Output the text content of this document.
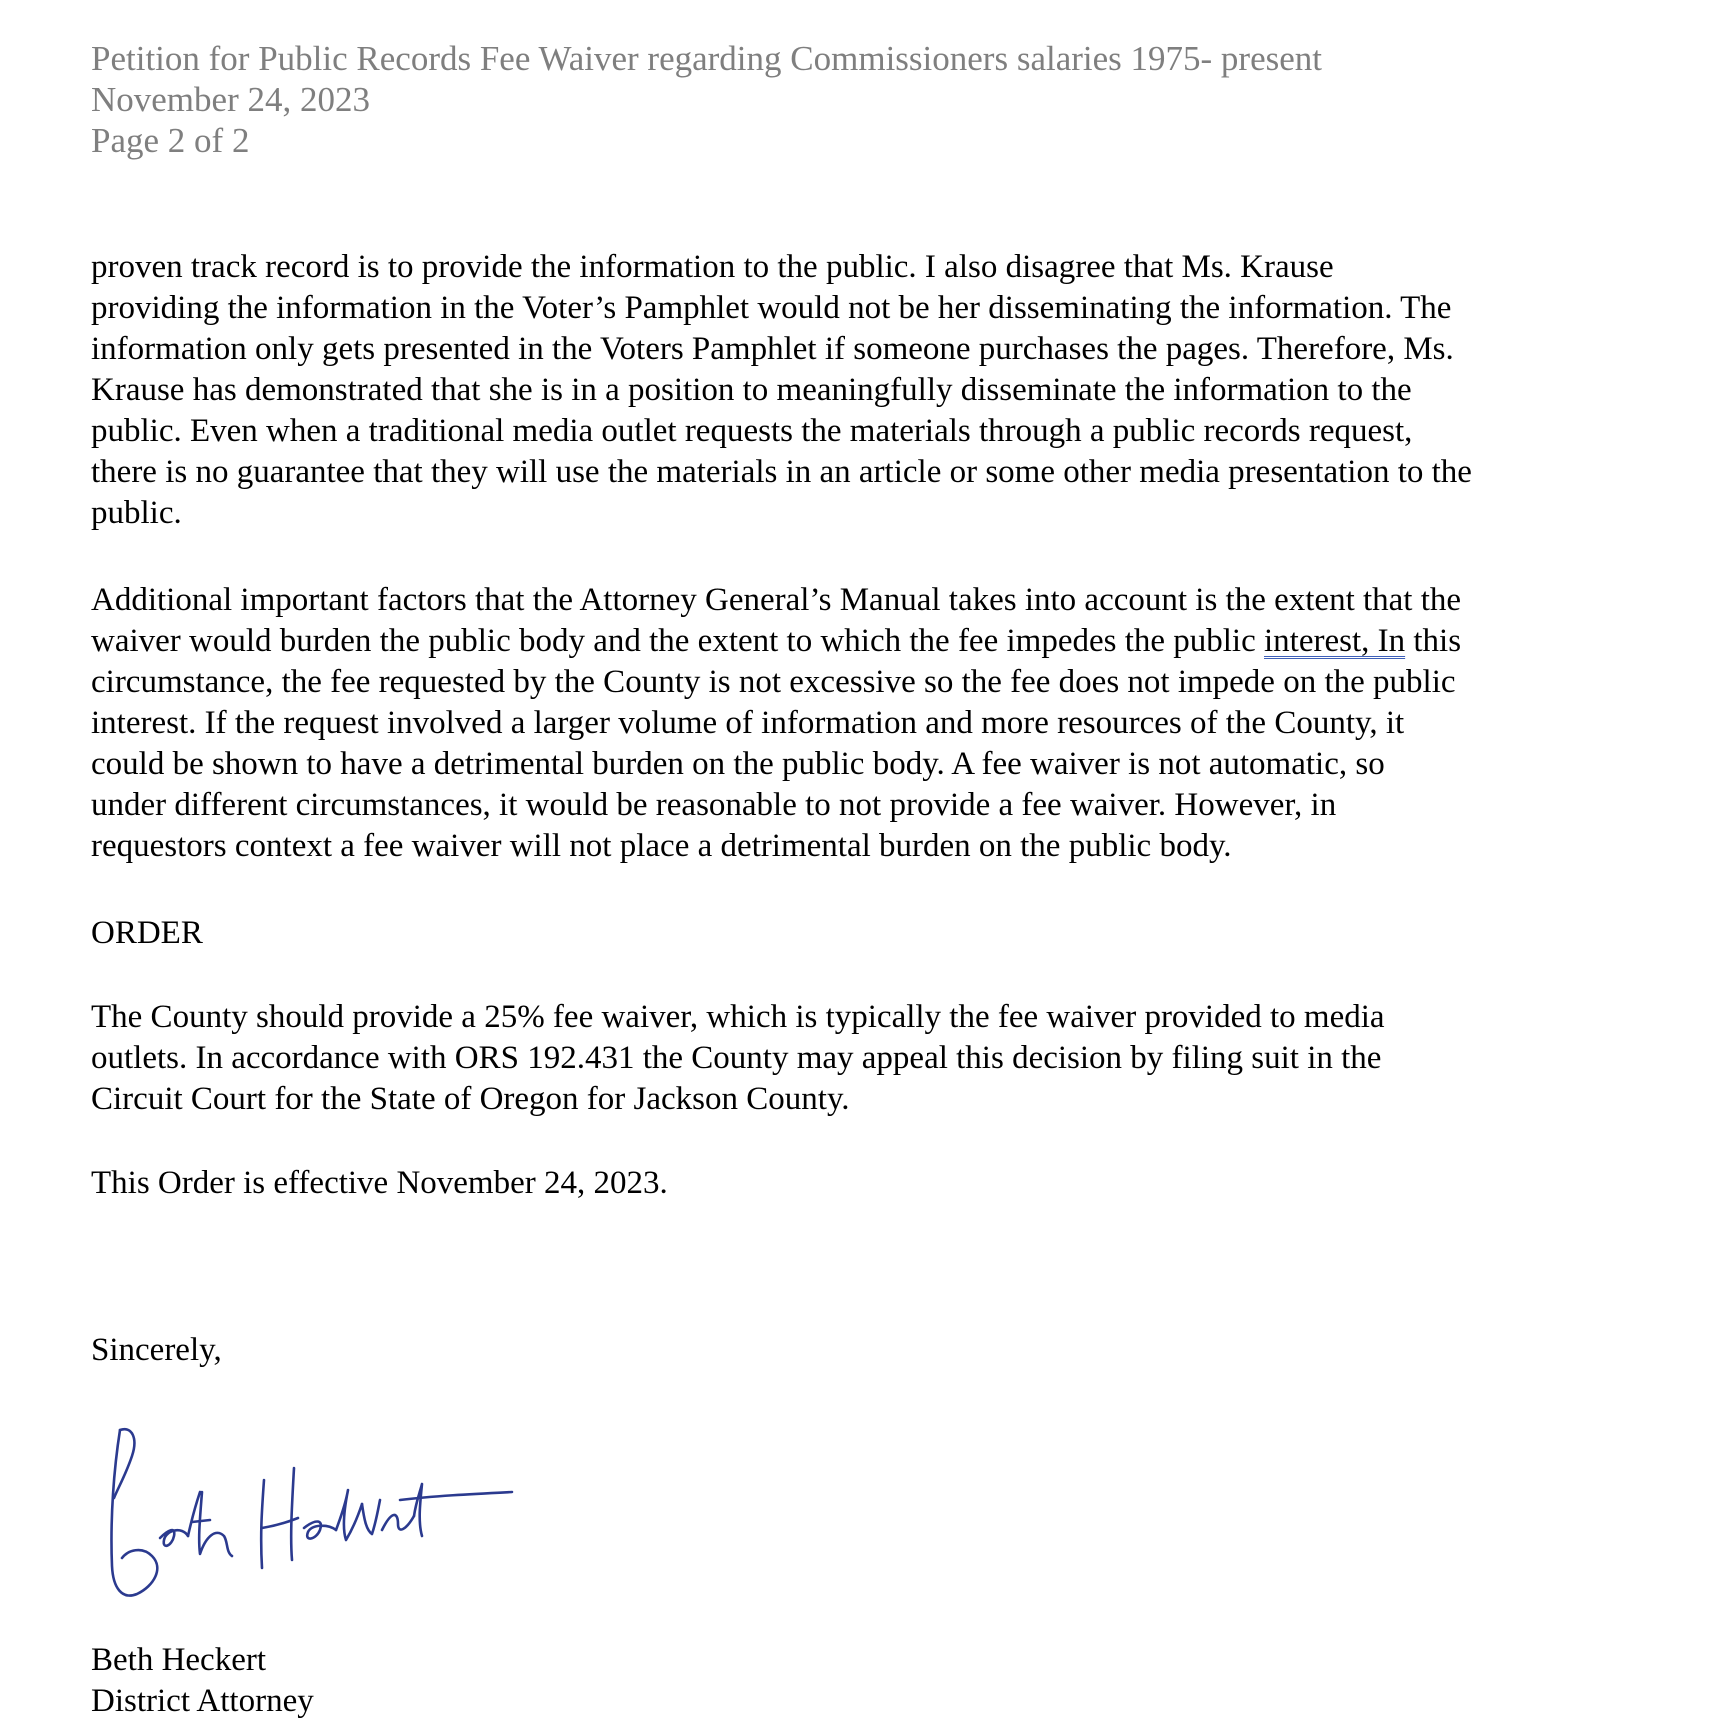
Petition for Public Records Fee Waiver regarding Commissioners salaries 1975- present
November 24, 2023
Page 2 of 2
proven track record is to provide the information to the public. I also disagree that Ms. Krause
providing the information in the Voter’s Pamphlet would not be her disseminating the information. The
information only gets presented in the Voters Pamphlet if someone purchases the pages. Therefore, Ms.
Krause has demonstrated that she is in a position to meaningfully disseminate the information to the
public. Even when a traditional media outlet requests the materials through a public records request,
there is no guarantee that they will use the materials in an article or some other media presentation to the
public.
Additional important factors that the Attorney General’s Manual takes into account is the extent that the
waiver would burden the public body and the extent to which the fee impedes the public interest, In this
circumstance, the fee requested by the County is not excessive so the fee does not impede on the public
interest. If the request involved a larger volume of information and more resources of the County, it
could be shown to have a detrimental burden on the public body. A fee waiver is not automatic, so
under different circumstances, it would be reasonable to not provide a fee waiver. However, in
requestors context a fee waiver will not place a detrimental burden on the public body.
ORDER
The County should provide a 25% fee waiver, which is typically the fee waiver provided to media
outlets. In accordance with ORS 192.431 the County may appeal this decision by filing suit in the
Circuit Court for the State of Oregon for Jackson County.
This Order is effective November 24, 2023.
Sincerely,
Beth Heckert
District Attorney
